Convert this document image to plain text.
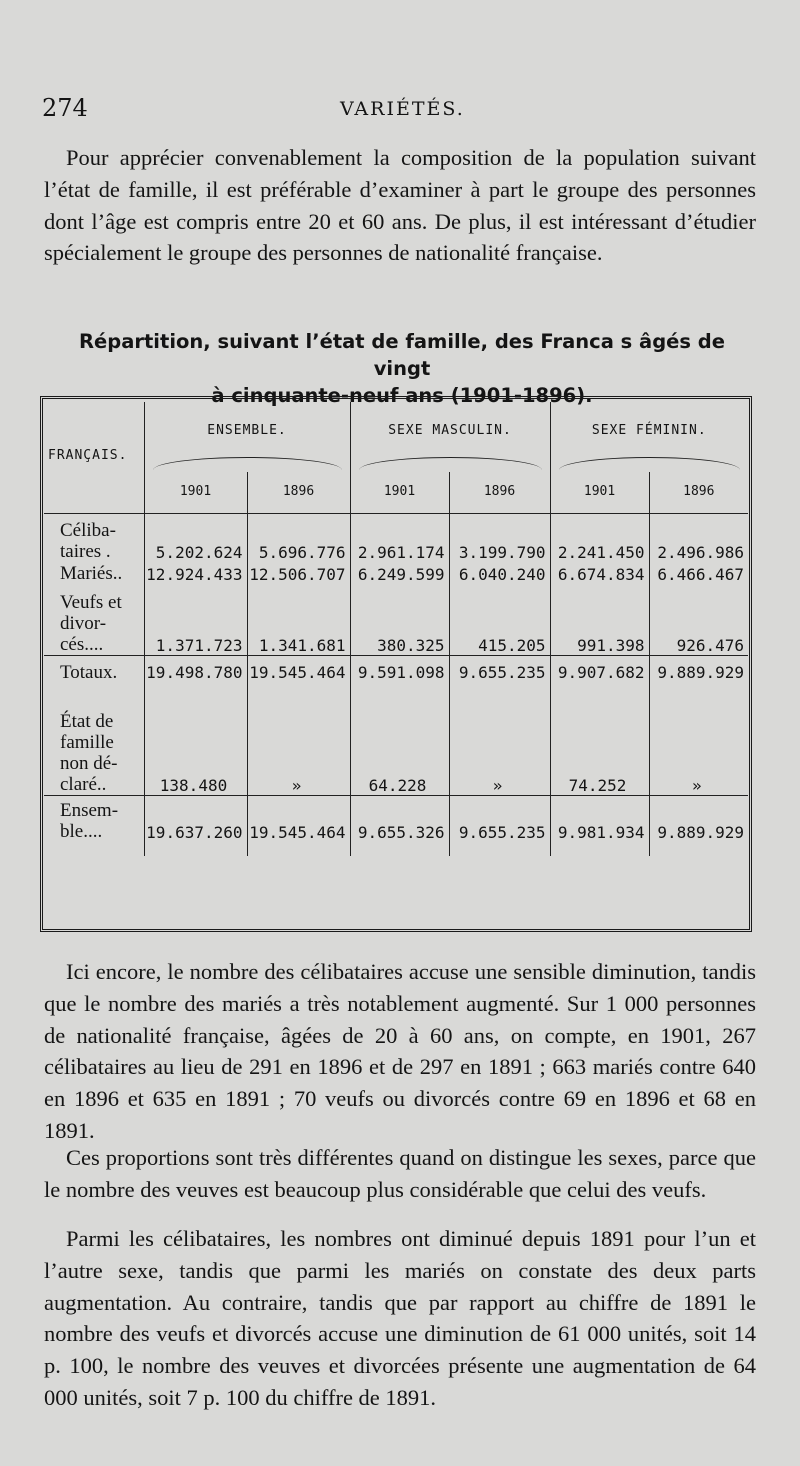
274	VARIÉTÉS.
Pour apprécier convenablement la composition de la population suivant l’état de famille, il est préférable d’examiner à part le groupe des personnes dont l’âge est compris entre 20 et 60 ans. De plus, il est intéressant d’étudier spécialement le groupe des personnes de nationalité française.
Répartition, suivant l’état de famille, des Franca s âgés de vingt
à cinquante-neuf ans (1901-1896).
	ENSEMBLE.		SEXE MASCULIN.		SEXE FÉMININ.	
FRANÇAIS.				

	1901	1896	1901	1896	1901	1896

Céliba-
taires .	5.202.624	5.696.776	2.961.174	3.199.790	2.241.450	2.496.986
Mariés..	12.924.433	12.506.707	6.249.599	6.040.240	6.674.834	6.466.467
Veufs et
divor-
cés....	1.371.723	1.341.681	380.325	415.205	991.398	926.476
Totaux.	19.498.780	19.545.464	9.591.098	9.655.235	9.907.682	9.889.929
État de
famille
non dé-
claré..	138.480	»	64.228	»	74.252	»
Ensem-
ble....	19.637.260	19.545.464	9.655.326	9.655.235	9.981.934	9.889.929
Ici encore, le nombre des célibataires accuse une sensible diminution, tandis que le nombre des mariés a très notablement augmenté. Sur 1 000 personnes de nationalité française, âgées de 20 à 60 ans, on compte, en 1901, 267 célibataires au lieu de 291 en 1896 et de 297 en 1891 ; 663 mariés contre 640 en 1896 et 635 en 1891 ; 70 veufs ou divorcés contre 69 en 1896 et 68 en 1891.
Ces proportions sont très différentes quand on distingue les sexes, parce que le nombre des veuves est beaucoup plus considérable que celui des veufs.
Parmi les célibataires, les nombres ont diminué depuis 1891 pour l’un et l’autre sexe, tandis que parmi les mariés on constate des deux parts augmentation. Au contraire, tandis que par rapport au chiffre de 1891 le nombre des veufs et divorcés accuse une diminution de 61 000 unités, soit 14 p. 100, le nombre des veuves et divorcées présente une augmentation de 64 000 unités, soit 7 p. 100 du chiffre de 1891.
